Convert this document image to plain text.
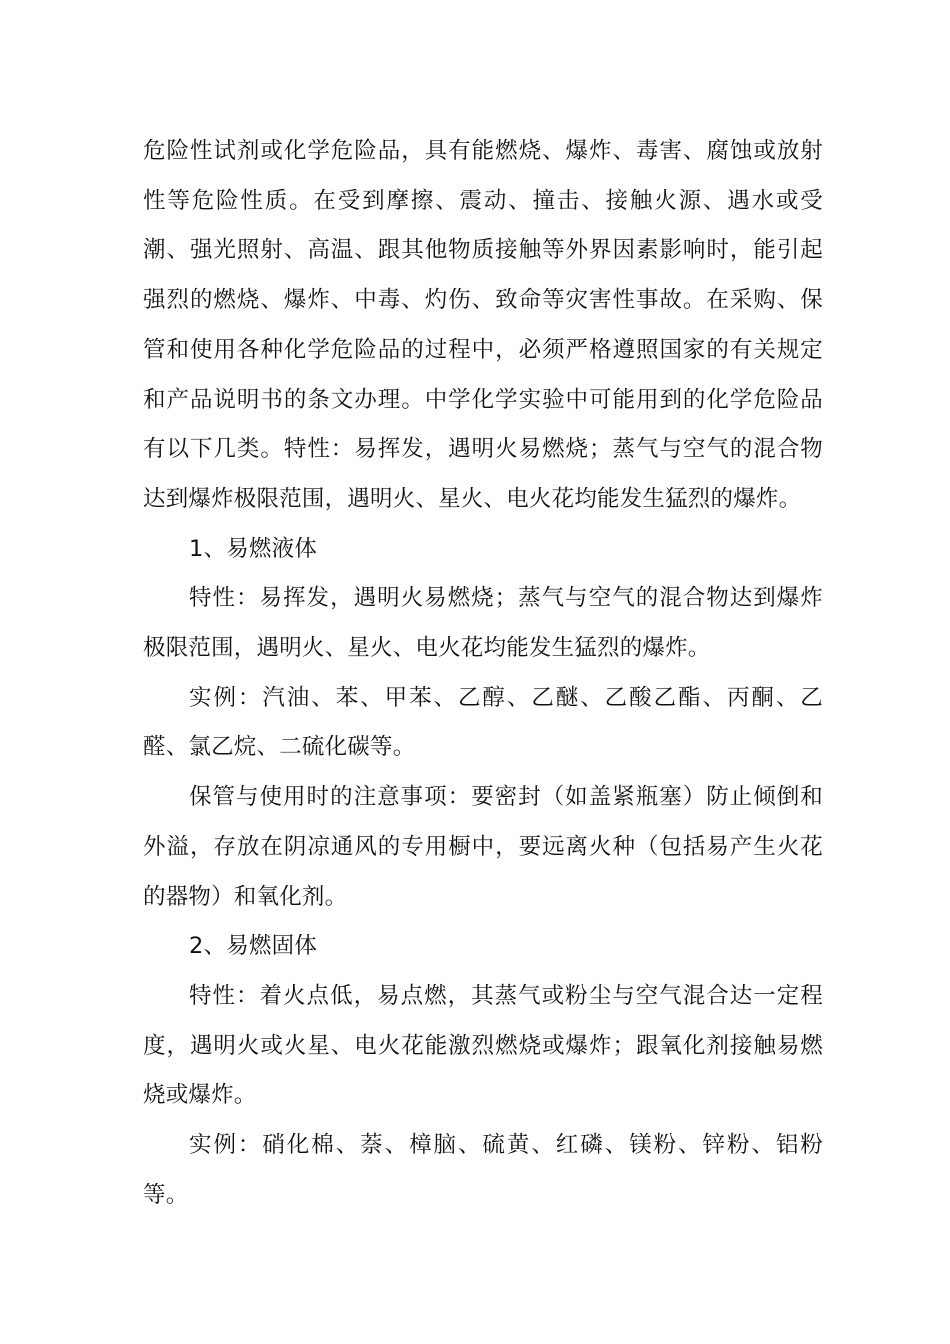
危险性试剂或化学危险品，具有能燃烧、爆炸、毒害、腐蚀或放射性等危险性质。在受到摩擦、震动、撞击、接触火源、遇水或受潮、强光照射、高温、跟其他物质接触等外界因素影响时，能引起强烈的燃烧、爆炸、中毒、灼伤、致命等灾害性事故。在采购、保管和使用各种化学危险品的过程中，必须严格遵照国家的有关规定和产品说明书的条文办理。中学化学实验中可能用到的化学危险品有以下几类。特性：易挥发，遇明火易燃烧；蒸气与空气的混合物达到爆炸极限范围，遇明火、星火、电火花均能发生猛烈的爆炸。

1、易燃液体

特性：易挥发，遇明火易燃烧；蒸气与空气的混合物达到爆炸极限范围，遇明火、星火、电火花均能发生猛烈的爆炸。

实例：汽油、苯、甲苯、乙醇、乙醚、乙酸乙酯、丙酮、乙醛、氯乙烷、二硫化碳等。

保管与使用时的注意事项：要密封（如盖紧瓶塞）防止倾倒和外溢，存放在阴凉通风的专用橱中，要远离火种（包括易产生火花的器物）和氧化剂。

2、易燃固体

特性：着火点低，易点燃，其蒸气或粉尘与空气混合达一定程度，遇明火或火星、电火花能激烈燃烧或爆炸；跟氧化剂接触易燃烧或爆炸。

实例：硝化棉、萘、樟脑、硫黄、红磷、镁粉、锌粉、铝粉等。
